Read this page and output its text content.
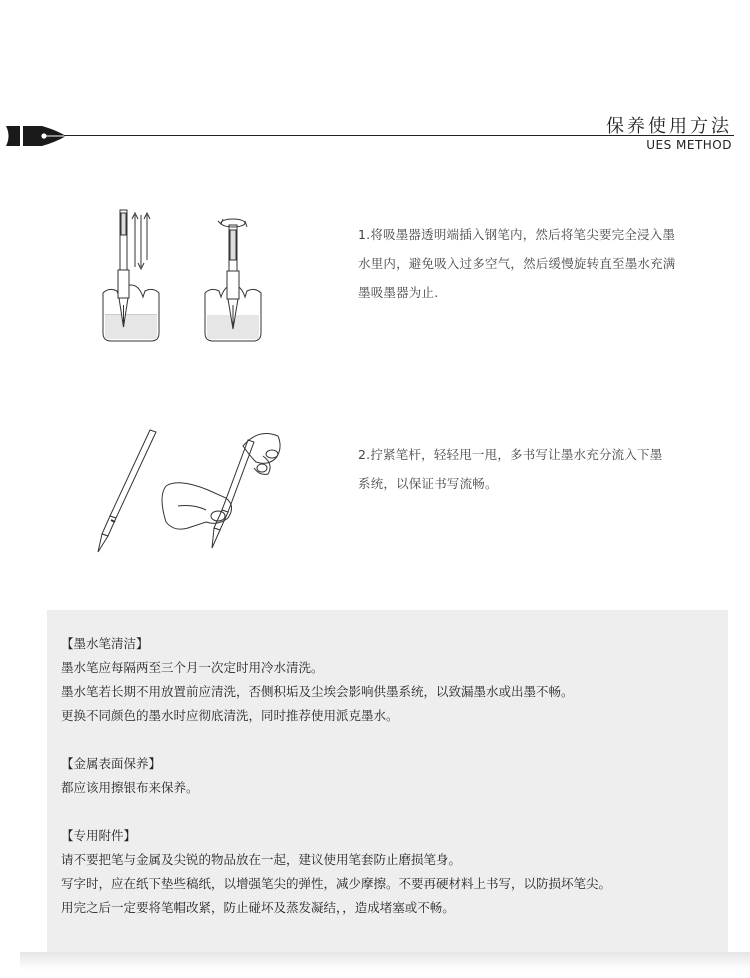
保养使用方法
UES METHOD
1.将吸墨器透明端插入钢笔内，然后将笔尖要完全浸入墨
水里内，避免吸入过多空气，然后缓慢旋转直至墨水充满
墨吸墨器为止.
2.拧紧笔杆，轻轻甩一甩，多书写让墨水充分流入下墨
系统，以保证书写流畅。
【墨水笔清洁】
墨水笔应每隔两至三个月一次定时用冷水清洗。
墨水笔若长期不用放置前应清洗，否侧积垢及尘埃会影响供墨系统，以致漏墨水或出墨不畅。
更换不同颜色的墨水时应彻底清洗，同时推荐使用派克墨水。
【金属表面保养】
都应该用擦银布来保养。
【专用附件】
请不要把笔与金属及尖锐的物品放在一起，建议使用笔套防止磨损笔身。
写字时，应在纸下垫些稿纸，以增强笔尖的弹性，减少摩擦。不要再硬材料上书写，以防损坏笔尖。
用完之后一定要将笔帽改紧，防止碰坏及蒸发凝结，，造成堵塞或不畅。
